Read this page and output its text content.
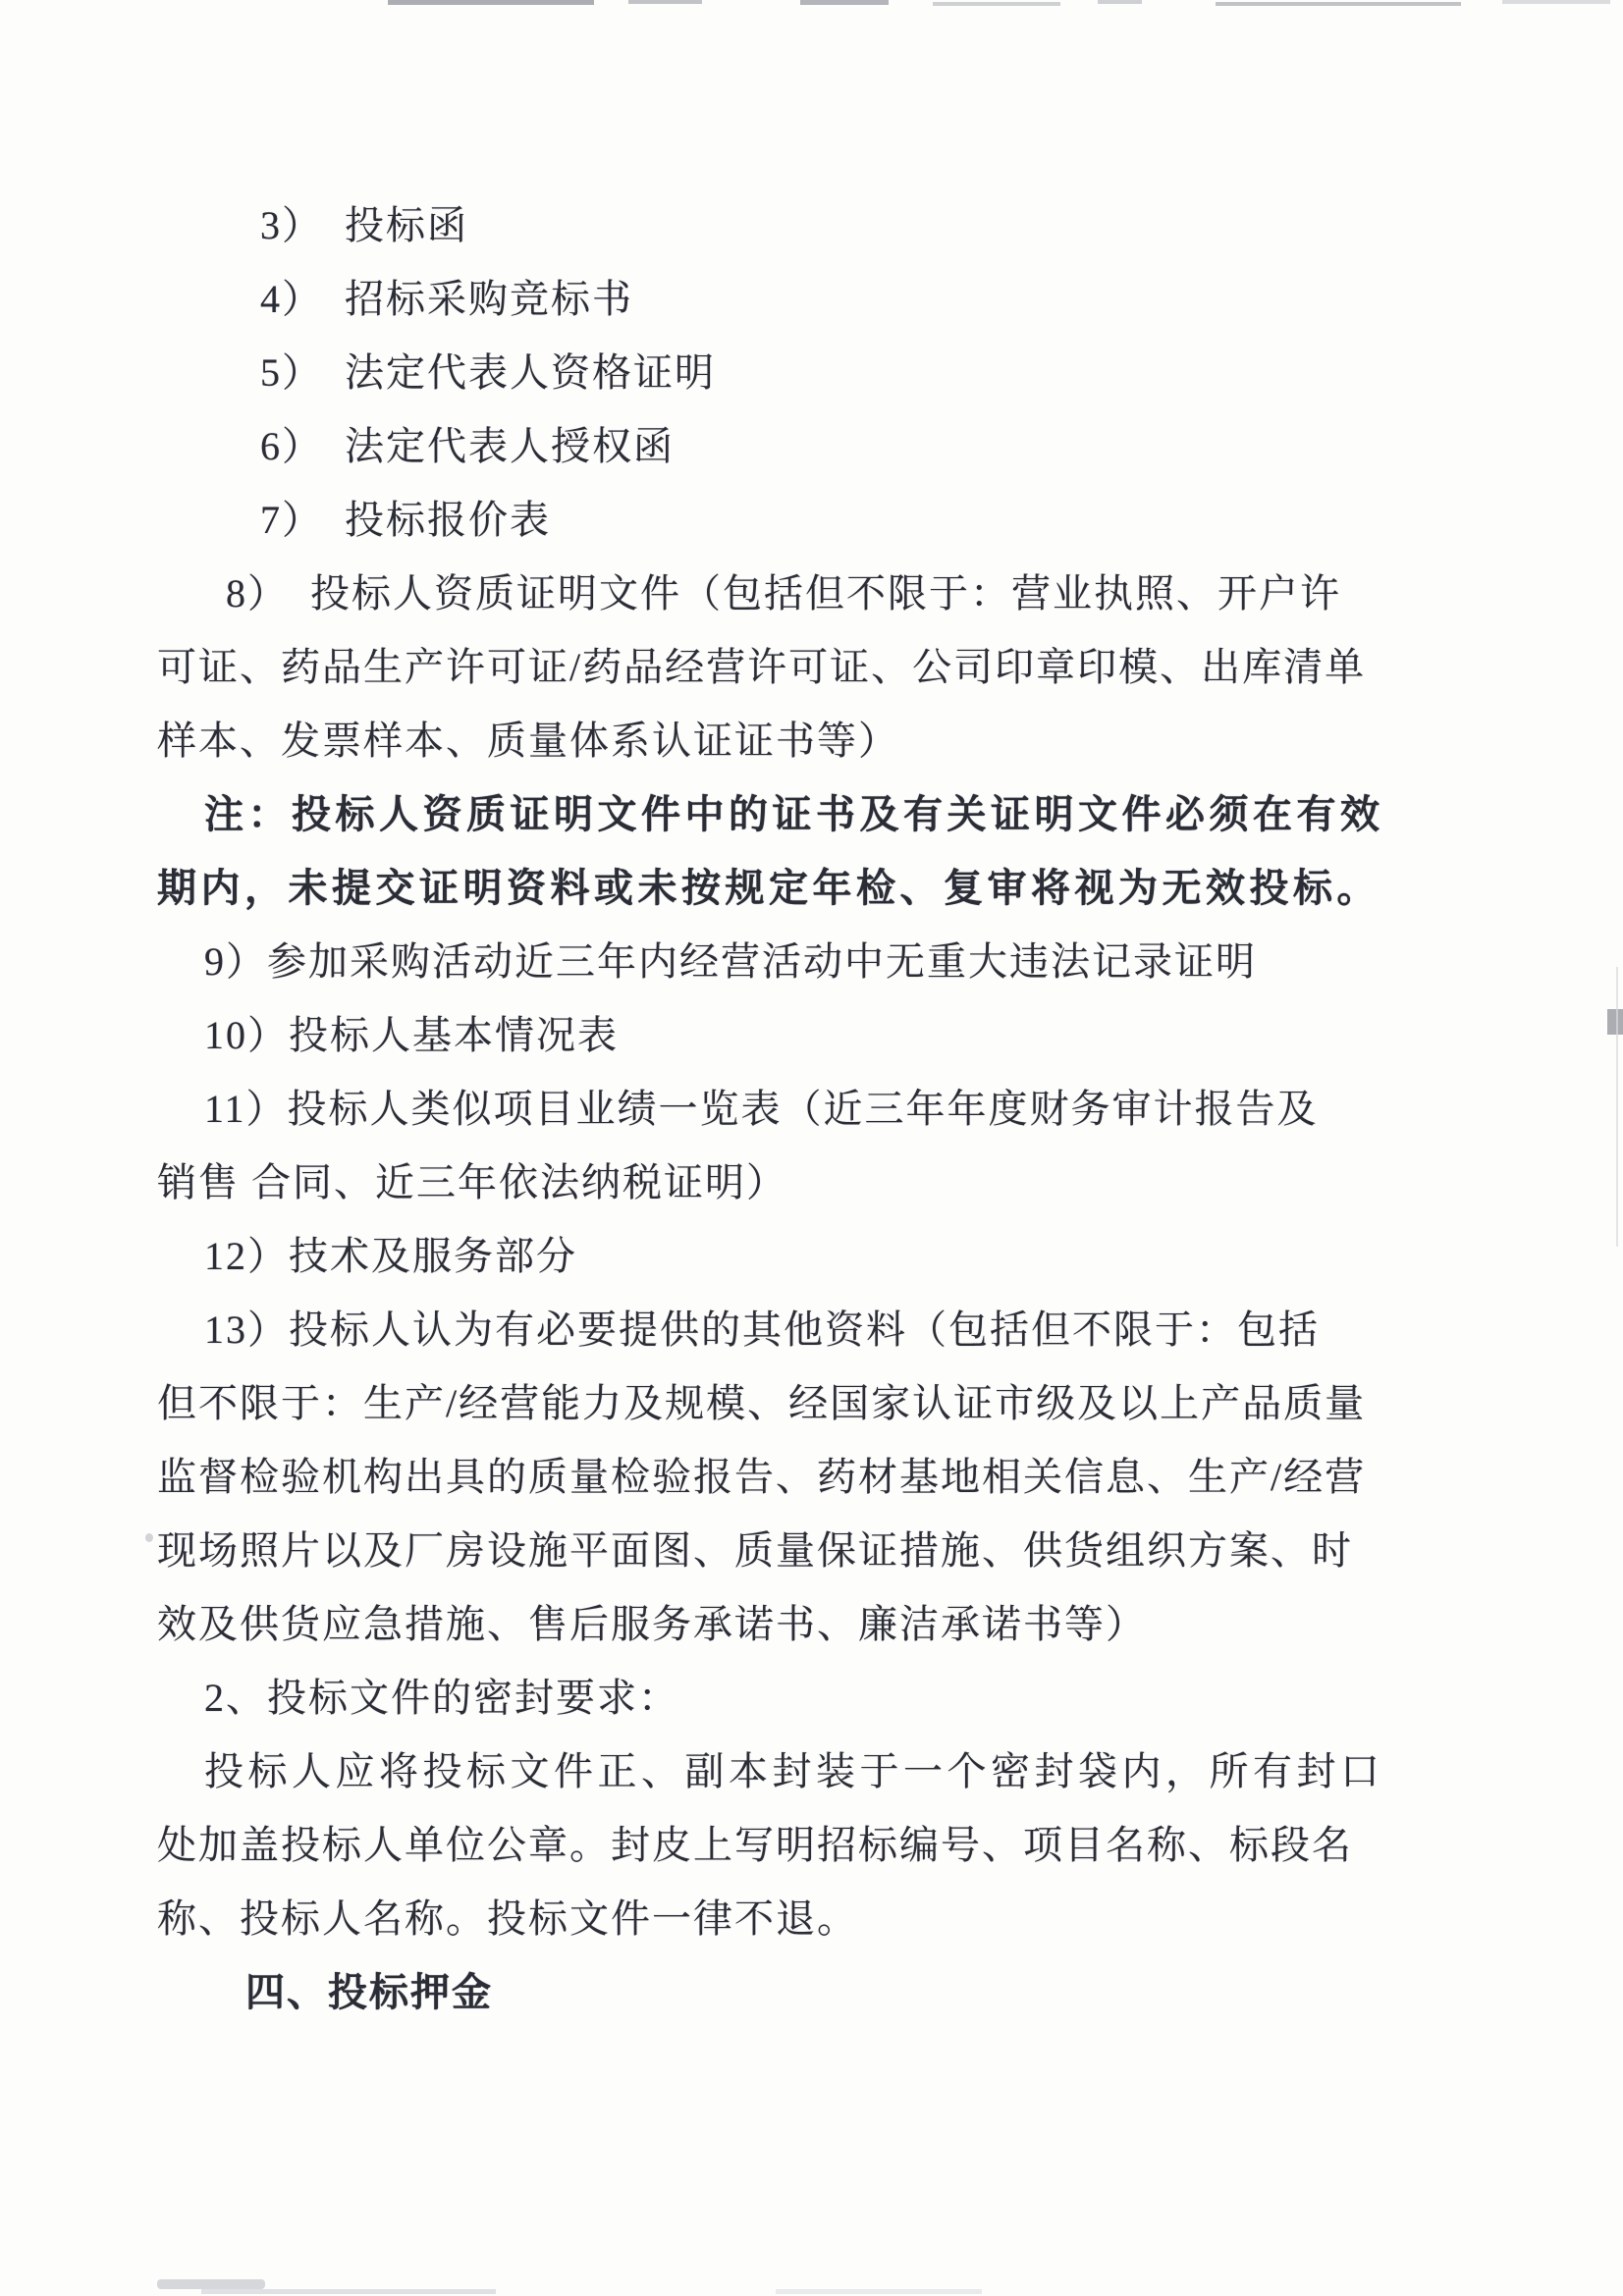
3）　投标函
4）　招标采购竞标书
5）　法定代表人资格证明
6）　法定代表人授权函
7）　投标报价表
8）　投标人资质证明文件（包括但不限于：营业执照、开户许
可证、药品生产许可证/药品经营许可证、公司印章印模、出库清单
样本、发票样本、质量体系认证证书等）
注：投标人资质证明文件中的证书及有关证明文件必须在有效
期内，未提交证明资料或未按规定年检、复审将视为无效投标。
9）参加采购活动近三年内经营活动中无重大违法记录证明
10）投标人基本情况表
11）投标人类似项目业绩一览表（近三年年度财务审计报告及
销售 合同、近三年依法纳税证明）
12）技术及服务部分
13）投标人认为有必要提供的其他资料（包括但不限于：包括
但不限于：生产/经营能力及规模、经国家认证市级及以上产品质量
监督检验机构出具的质量检验报告、药材基地相关信息、生产/经营
现场照片以及厂房设施平面图、质量保证措施、供货组织方案、时
效及供货应急措施、售后服务承诺书、廉洁承诺书等）
2、投标文件的密封要求：
投标人应将投标文件正、副本封装于一个密封袋内，所有封口
处加盖投标人单位公章。封皮上写明招标编号、项目名称、标段名
称、投标人名称。投标文件一律不退。
四、投标押金
